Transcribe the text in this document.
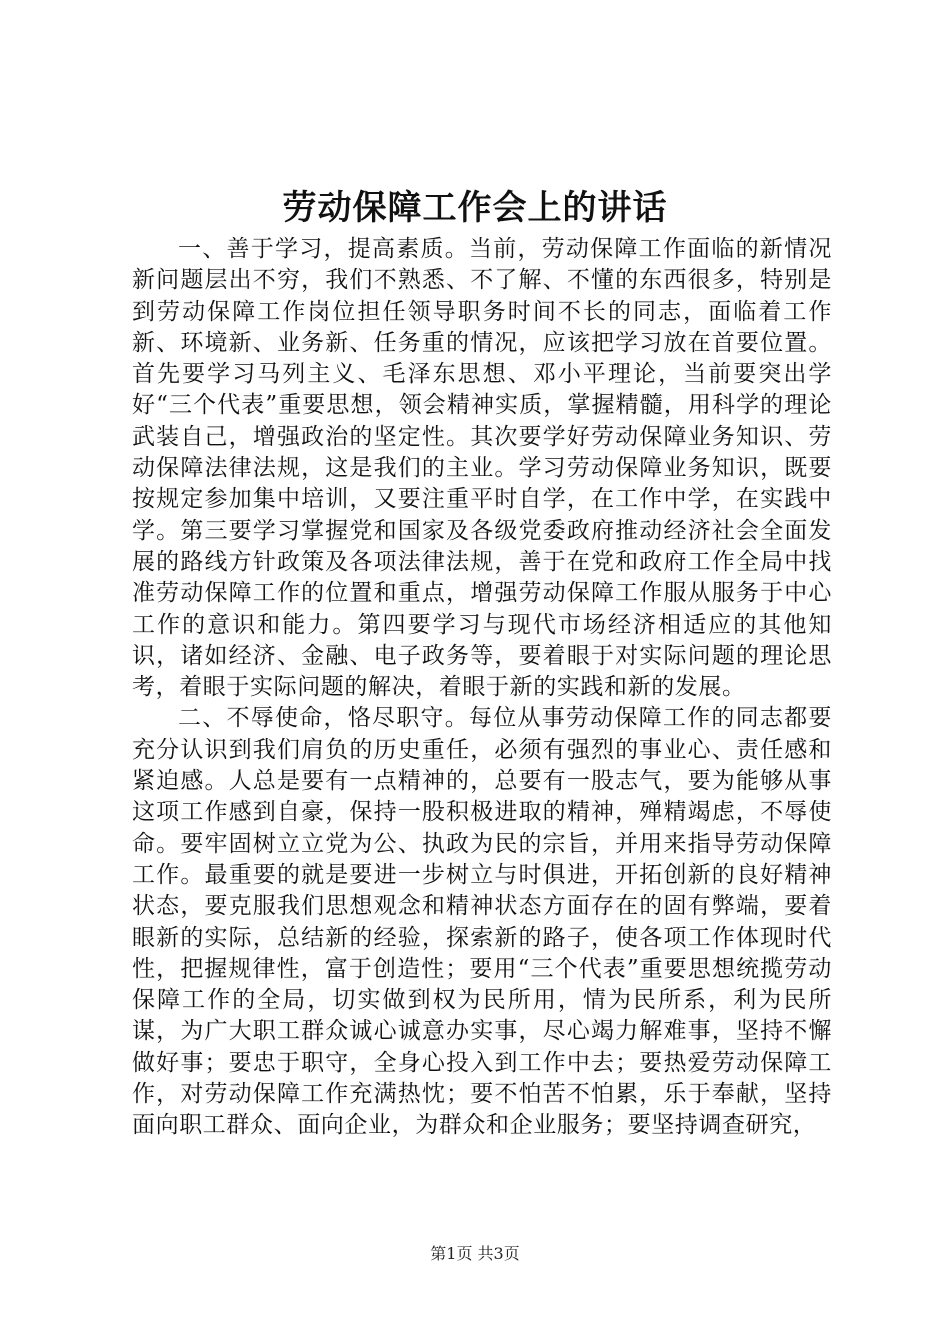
劳动保障工作会上的讲话

一、善于学习，提高素质。当前，劳动保障工作面临的新情况新问题层出不穷，我们不熟悉、不了解、不懂的东西很多，特别是到劳动保障工作岗位担任领导职务时间不长的同志，面临着工作新、环境新、业务新、任务重的情况，应该把学习放在首要位置。首先要学习马列主义、毛泽东思想、邓小平理论，当前要突出学好“三个代表”重要思想，领会精神实质，掌握精髓，用科学的理论武装自己，增强政治的坚定性。其次要学好劳动保障业务知识、劳动保障法律法规，这是我们的主业。学习劳动保障业务知识，既要按规定参加集中培训，又要注重平时自学，在工作中学，在实践中学。第三要学习掌握党和国家及各级党委政府推动经济社会全面发展的路线方针政策及各项法律法规，善于在党和政府工作全局中找准劳动保障工作的位置和重点，增强劳动保障工作服从服务于中心工作的意识和能力。第四要学习与现代市场经济相适应的其他知识，诸如经济、金融、电子政务等，要着眼于对实际问题的理论思考，着眼于实际问题的解决，着眼于新的实践和新的发展。

二、不辱使命，恪尽职守。每位从事劳动保障工作的同志都要充分认识到我们肩负的历史重任，必须有强烈的事业心、责任感和紧迫感。人总是要有一点精神的，总要有一股志气，要为能够从事这项工作感到自豪，保持一股积极进取的精神，殚精竭虑，不辱使命。要牢固树立立党为公、执政为民的宗旨，并用来指导劳动保障工作。最重要的就是要进一步树立与时俱进，开拓创新的良好精神状态，要克服我们思想观念和精神状态方面存在的固有弊端，要着眼新的实际，总结新的经验，探索新的路子，使各项工作体现时代性，把握规律性，富于创造性；要用“三个代表”重要思想统揽劳动保障工作的全局，切实做到权为民所用，情为民所系，利为民所谋，为广大职工群众诚心诚意办实事，尽心竭力解难事，坚持不懈做好事；要忠于职守，全身心投入到工作中去；要热爱劳动保障工作，对劳动保障工作充满热忱；要不怕苦不怕累，乐于奉献，坚持面向职工群众、面向企业，为群众和企业服务；要坚持调查研究，

第1页 共3页
